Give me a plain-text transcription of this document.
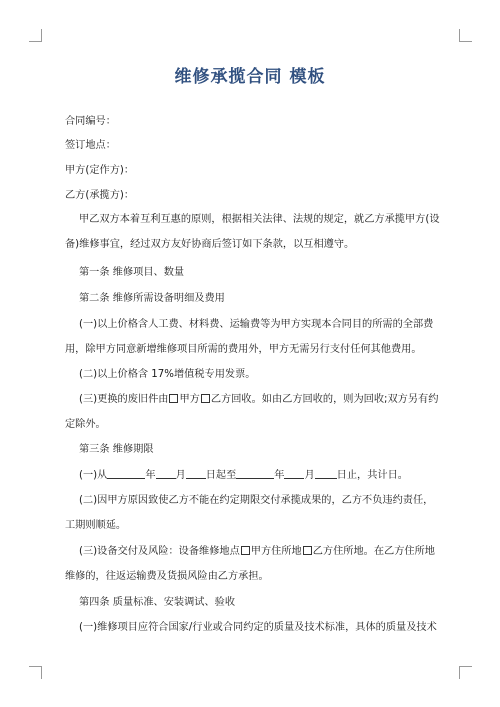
维修承揽合同 模板
合同编号：
签订地点：
甲方(定作方)：
乙方(承揽方)：
甲乙双方本着互利互惠的原则，根据相关法律、法规的规定，就乙方承揽甲方(设
备)维修事宜，经过双方友好协商后签订如下条款，以互相遵守。
第一条 维修项目、数量
第二条 维修所需设备明细及费用
(一)以上价格含人工费、材料费、运输费等为甲方实现本合同目的所需的全部费
用，除甲方同意新增维修项目所需的费用外，甲方无需另行支付任何其他费用。
(二)以上价格含 17%增值税专用发票。
(三)更换的废旧件由 甲方 乙方回收。如由乙方回收的，则为回收;双方另有约
定除外。
第三条 维修期限
(一)从	年 月 日起至	年 月 日止，共计日。
(二)因甲方原因致使乙方不能在约定期限交付承揽成果的，乙方不负违约责任，
工期则顺延。
(三)设备交付及风险：设备维修地点 甲方住所地 乙方住所地。在乙方住所地
维修的，往返运输费及货损风险由乙方承担。
第四条 质量标准、安装调试、验收
(一)维修项目应符合国家/行业或合同约定的质量及技术标准，具体的质量及技术
